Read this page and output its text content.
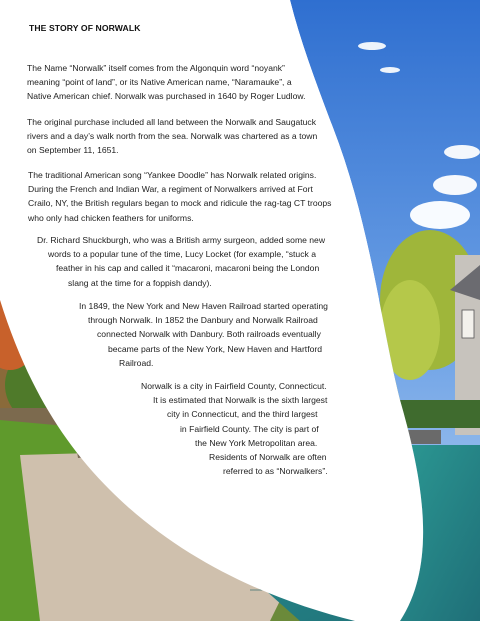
THE STORY OF NORWALK

The Name “Norwalk” itself comes from the Algonquin word “noyank”
meaning “point of land”, or its Native American name, “Naramauke”, a
Native American chief. Norwalk was purchased in 1640 by Roger Ludlow.

The original purchase included all land between the Norwalk and Saugatuck
rivers and a day’s walk north from the sea. Norwalk was chartered as a town
on September 11, 1651.

The traditional American song “Yankee Doodle” has Norwalk related origins.
During the French and Indian War, a regiment of Norwalkers arrived at Fort
Crailo, NY, the British regulars began to mock and ridicule the rag-tag CT troops
who only had chicken feathers for uniforms.

Dr. Richard Shuckburgh, who was a British army surgeon, added some new
words to a popular tune of the time, Lucy Locket (for example, “stuck a
feather in his cap and called it “macaroni, macaroni being the London
slang at the time for a foppish dandy).

In 1849, the New York and New Haven Railroad started operating
through Norwalk. In 1852 the Danbury and Norwalk Railroad
connected Norwalk with Danbury. Both railroads eventually
became parts of the New York, New Haven and Hartford
Railroad.

Norwalk is a city in Fairfield County, Connecticut.
It is estimated that Norwalk is the sixth largest
city in Connecticut, and the third largest
in Fairfield County. The city is part of
the New York Metropolitan area.
Residents of Norwalk are often
referred to as “Norwalkers”.
